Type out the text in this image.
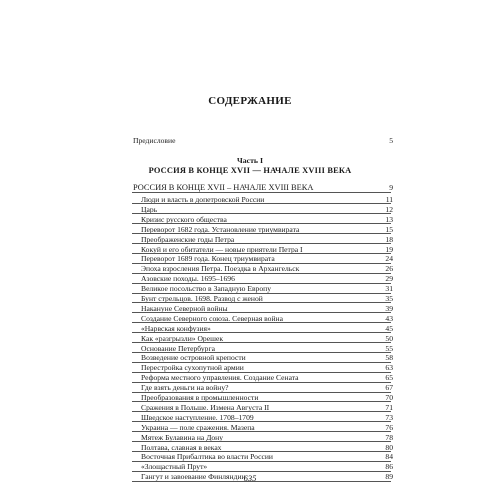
СОДЕРЖАНИЕ
Предисловие	5
Часть I
РОССИЯ В КОНЦЕ XVII — НАЧАЛЕ XVIII ВЕКА
РОССИЯ В КОНЦЕ XVII – НАЧАЛЕ XVIII ВЕКА	9
Люди и власть в допетровской России	11
Царь	12
Кризис русского общества	13
Переворот 1682 года. Установление триумвирата	15
Преображенские годы Петра	18
Кокуй и его обитатели — новые приятели Петра I	19
Переворот 1689 года. Конец триумвирата	24
Эпоха взросления Петра. Поездка в Архангельск	26
Азовские походы. 1695–1696	29
Великое посольство в Западную Европу	31
Бунт стрельцов. 1698. Развод с женой	35
Накануне Северной войны	39
Создание Северного союза. Северная война	43
«Нарвская конфузия»	45
Как «разгрызли» Орешек	50
Основание Петербурга	55
Возведение островной крепости	58
Перестройка сухопутной армии	63
Реформа местного управления. Создание Сената	65
Где взять деньги на войну?	67
Преобразования в промышленности	70
Сражения в Польше. Измена Августа II	71
Шведское наступление. 1708–1709	73
Украина — поле сражения. Мазепа	76
Мятеж Булавина на Дону	78
Полтава, славная в веках	80
Восточная Прибалтика во власти России	84
«Злощастный Прут»	86
Гангут и завоевание Финляндии	89
635
